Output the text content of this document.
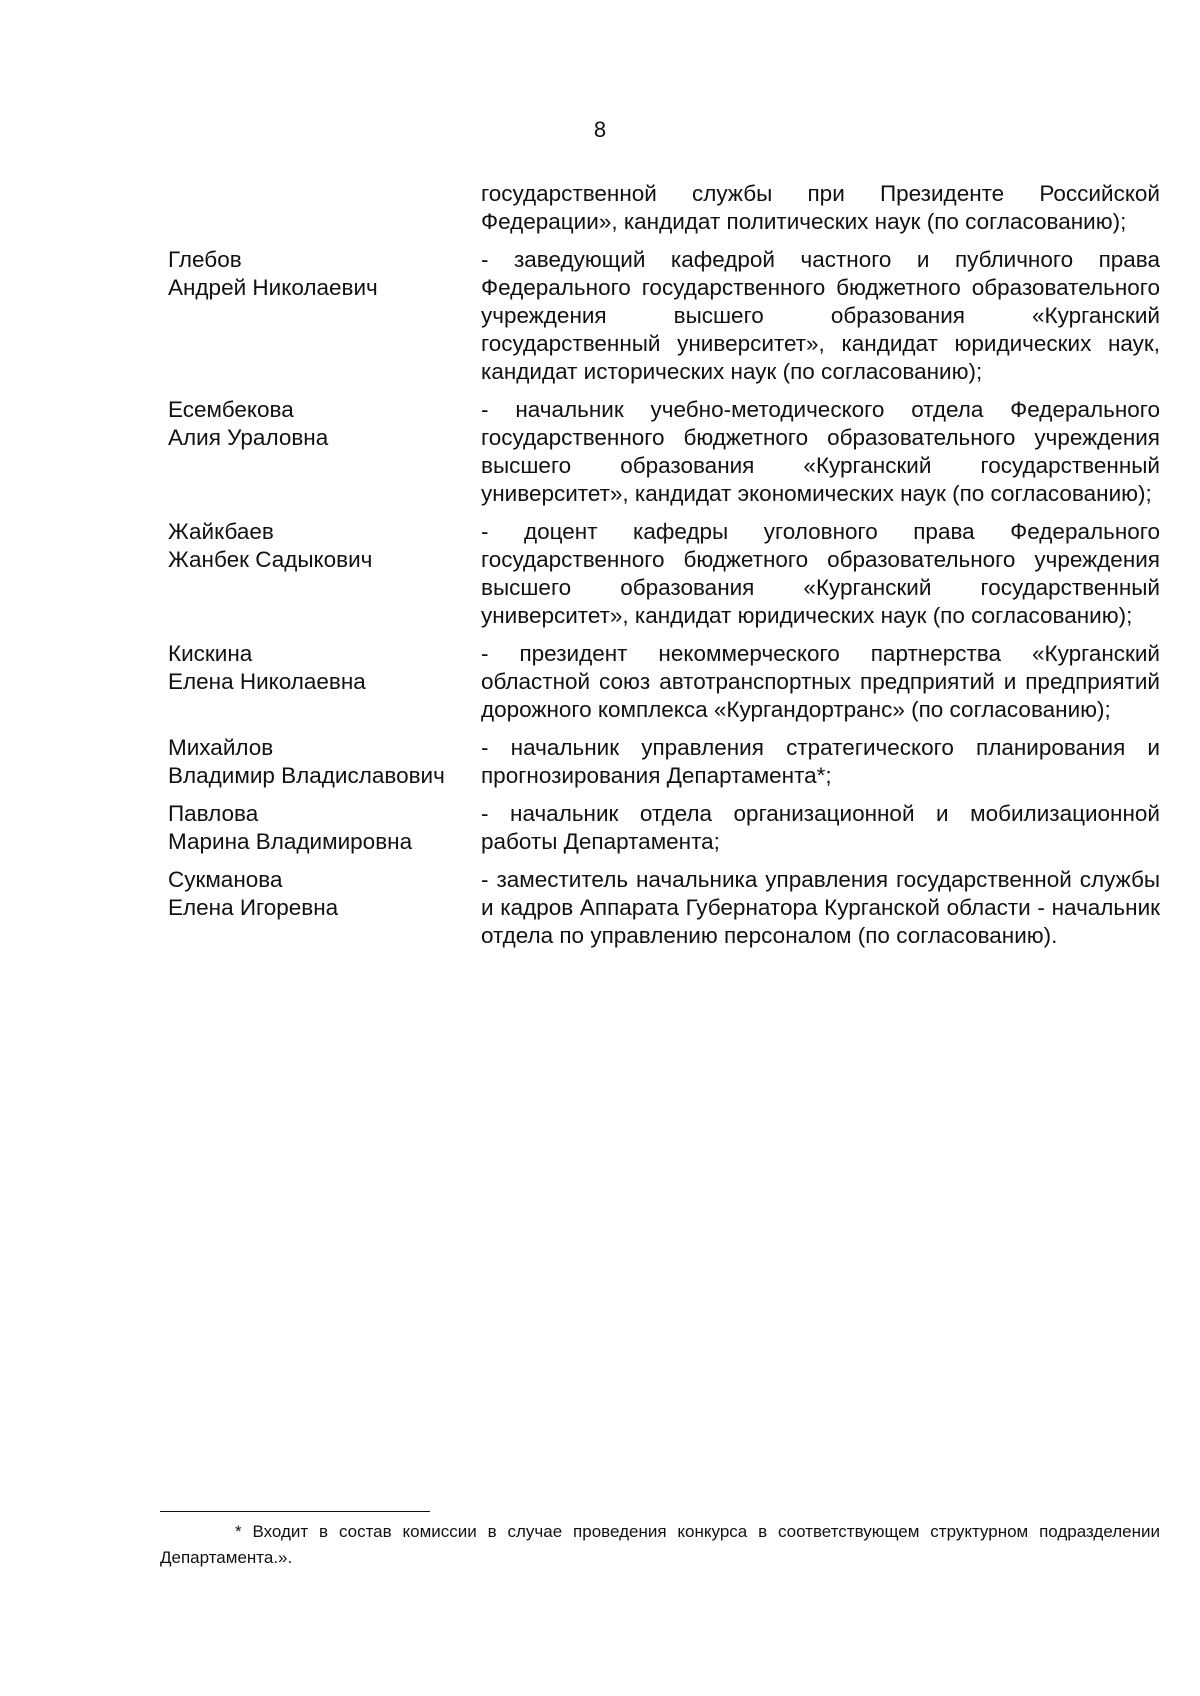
8
государственной службы при Президенте Российской Федерации», кандидат политических наук (по согласованию);
Глебов
Андрей Николаевич
- заведующий кафедрой частного и публичного права Федерального государственного бюджетного образовательного учреждения высшего образования «Курганский государственный университет», кандидат юридических наук, кандидат исторических наук (по согласованию);
Есембекова
Алия Ураловна
- начальник учебно-методического отдела Федерального государственного бюджетного образовательного учреждения высшего образования «Курганский государственный университет», кандидат экономических наук (по согласованию);
Жайкбаев
Жанбек Садыкович
- доцент кафедры уголовного права Федерального государственного бюджетного образовательного учреждения высшего образования «Курганский государственный университет», кандидат юридических наук (по согласованию);
Кискина
Елена Николаевна
- президент некоммерческого партнерства «Курганский областной союз автотранспортных предприятий и предприятий дорожного комплекса «Кургандортранс» (по согласованию);
Михайлов
Владимир Владиславович
- начальник управления стратегического планирования и прогнозирования Департамента*;
Павлова
Марина Владимировна
- начальник отдела организационной и мобилизационной работы Департамента;
Сукманова
Елена Игоревна
- заместитель начальника управления государственной службы и кадров Аппарата Губернатора Курганской области - начальник отдела по управлению персоналом (по согласованию).
* Входит в состав комиссии в случае проведения конкурса в соответствующем структурном подразделении Департамента.».
